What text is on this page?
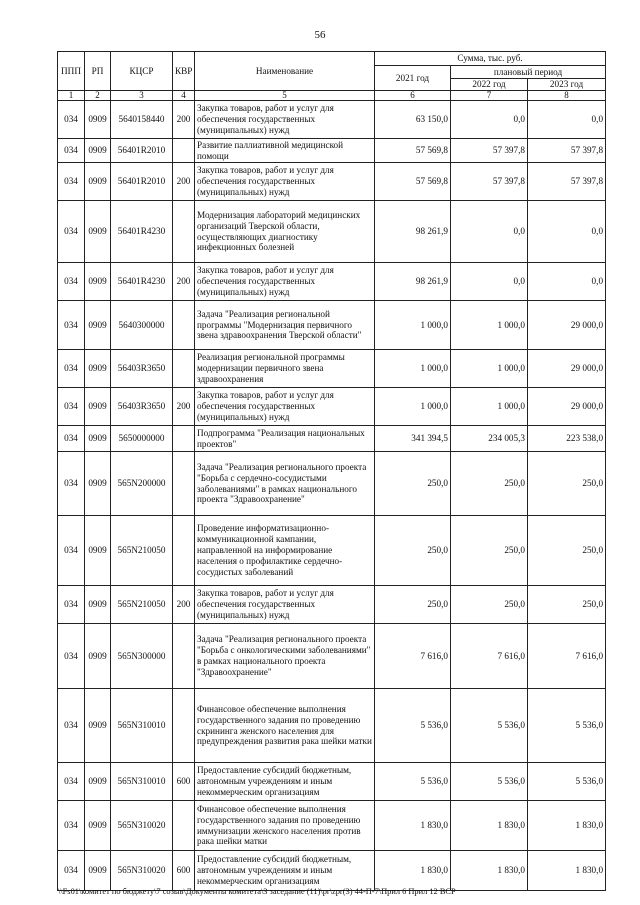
56
ППП	РП	КЦСР	КВР	Наименование	Сумма, тыс. руб.		
					2021 год	плановый период	
						2022 год	2023 год
1	2	3	4	5	6	7	8
034	0909	5640158440	200	Закупка товаров, работ и услуг для обеспечения государственных (муниципальных) нужд	63 150,0	0,0	0,0
034	0909	56401R2010		Развитие паллиативной медицинской помощи	57 569,8	57 397,8	57 397,8
034	0909	56401R2010	200	Закупка товаров, работ и услуг для обеспечения государственных (муниципальных) нужд	57 569,8	57 397,8	57 397,8
034	0909	56401R4230		Модернизация лабораторий медицинских организаций Тверской области, осуществляющих диагностику инфекционных болезней	98 261,9	0,0	0,0
034	0909	56401R4230	200	Закупка товаров, работ и услуг для обеспечения государственных (муниципальных) нужд	98 261,9	0,0	0,0
034	0909	5640300000		Задача "Реализация региональной программы "Модернизация первичного звена здравоохранения Тверской области"	1 000,0	1 000,0	29 000,0
034	0909	56403R3650		Реализация региональной программы модернизации первичного звена здравоохранения	1 000,0	1 000,0	29 000,0
034	0909	56403R3650	200	Закупка товаров, работ и услуг для обеспечения государственных (муниципальных) нужд	1 000,0	1 000,0	29 000,0
034	0909	5650000000		Подпрограмма "Реализация национальных проектов"	341 394,5	234 005,3	223 538,0
034	0909	565N200000		Задача "Реализация регионального проекта "Борьба с сердечно-сосудистыми заболеваниями" в рамках национального проекта "Здравоохранение"	250,0	250,0	250,0
034	0909	565N210050		Проведение информатизационно-коммуникационной кампании, направленной на информирование населения о профилактике сердечно-сосудистых заболеваний	250,0	250,0	250,0
034	0909	565N210050	200	Закупка товаров, работ и услуг для обеспечения государственных (муниципальных) нужд	250,0	250,0	250,0
034	0909	565N300000		Задача "Реализация регионального проекта "Борьба с онкологическими заболеваниями" в рамках национального проекта "Здравоохранение"	7 616,0	7 616,0	7 616,0
034	0909	565N310010		Финансовое обеспечение выполнения государственного задания по проведению скрининга женского населения для предупреждения развития рака шейки матки	5 536,0	5 536,0	5 536,0
034	0909	565N310010	600	Предоставление субсидий бюджетным, автономным учреждениям и иным некоммерческим организациям	5 536,0	5 536,0	5 536,0
034	0909	565N310020		Финансовое обеспечение выполнения государственного задания по проведению иммунизации женского населения против рака шейки матки	1 830,0	1 830,0	1 830,0
034	0909	565N310020	600	Предоставление субсидий бюджетным, автономным учреждениям и иным некоммерческим организациям	1 830,0	1 830,0	1 830,0
\\Fs01\комитет по бюджету\7 созыв\Документы комитета\3 заседание (11)\pr\zpr(3) 44-П-7\Прил 6 Прил 12 ВСР
